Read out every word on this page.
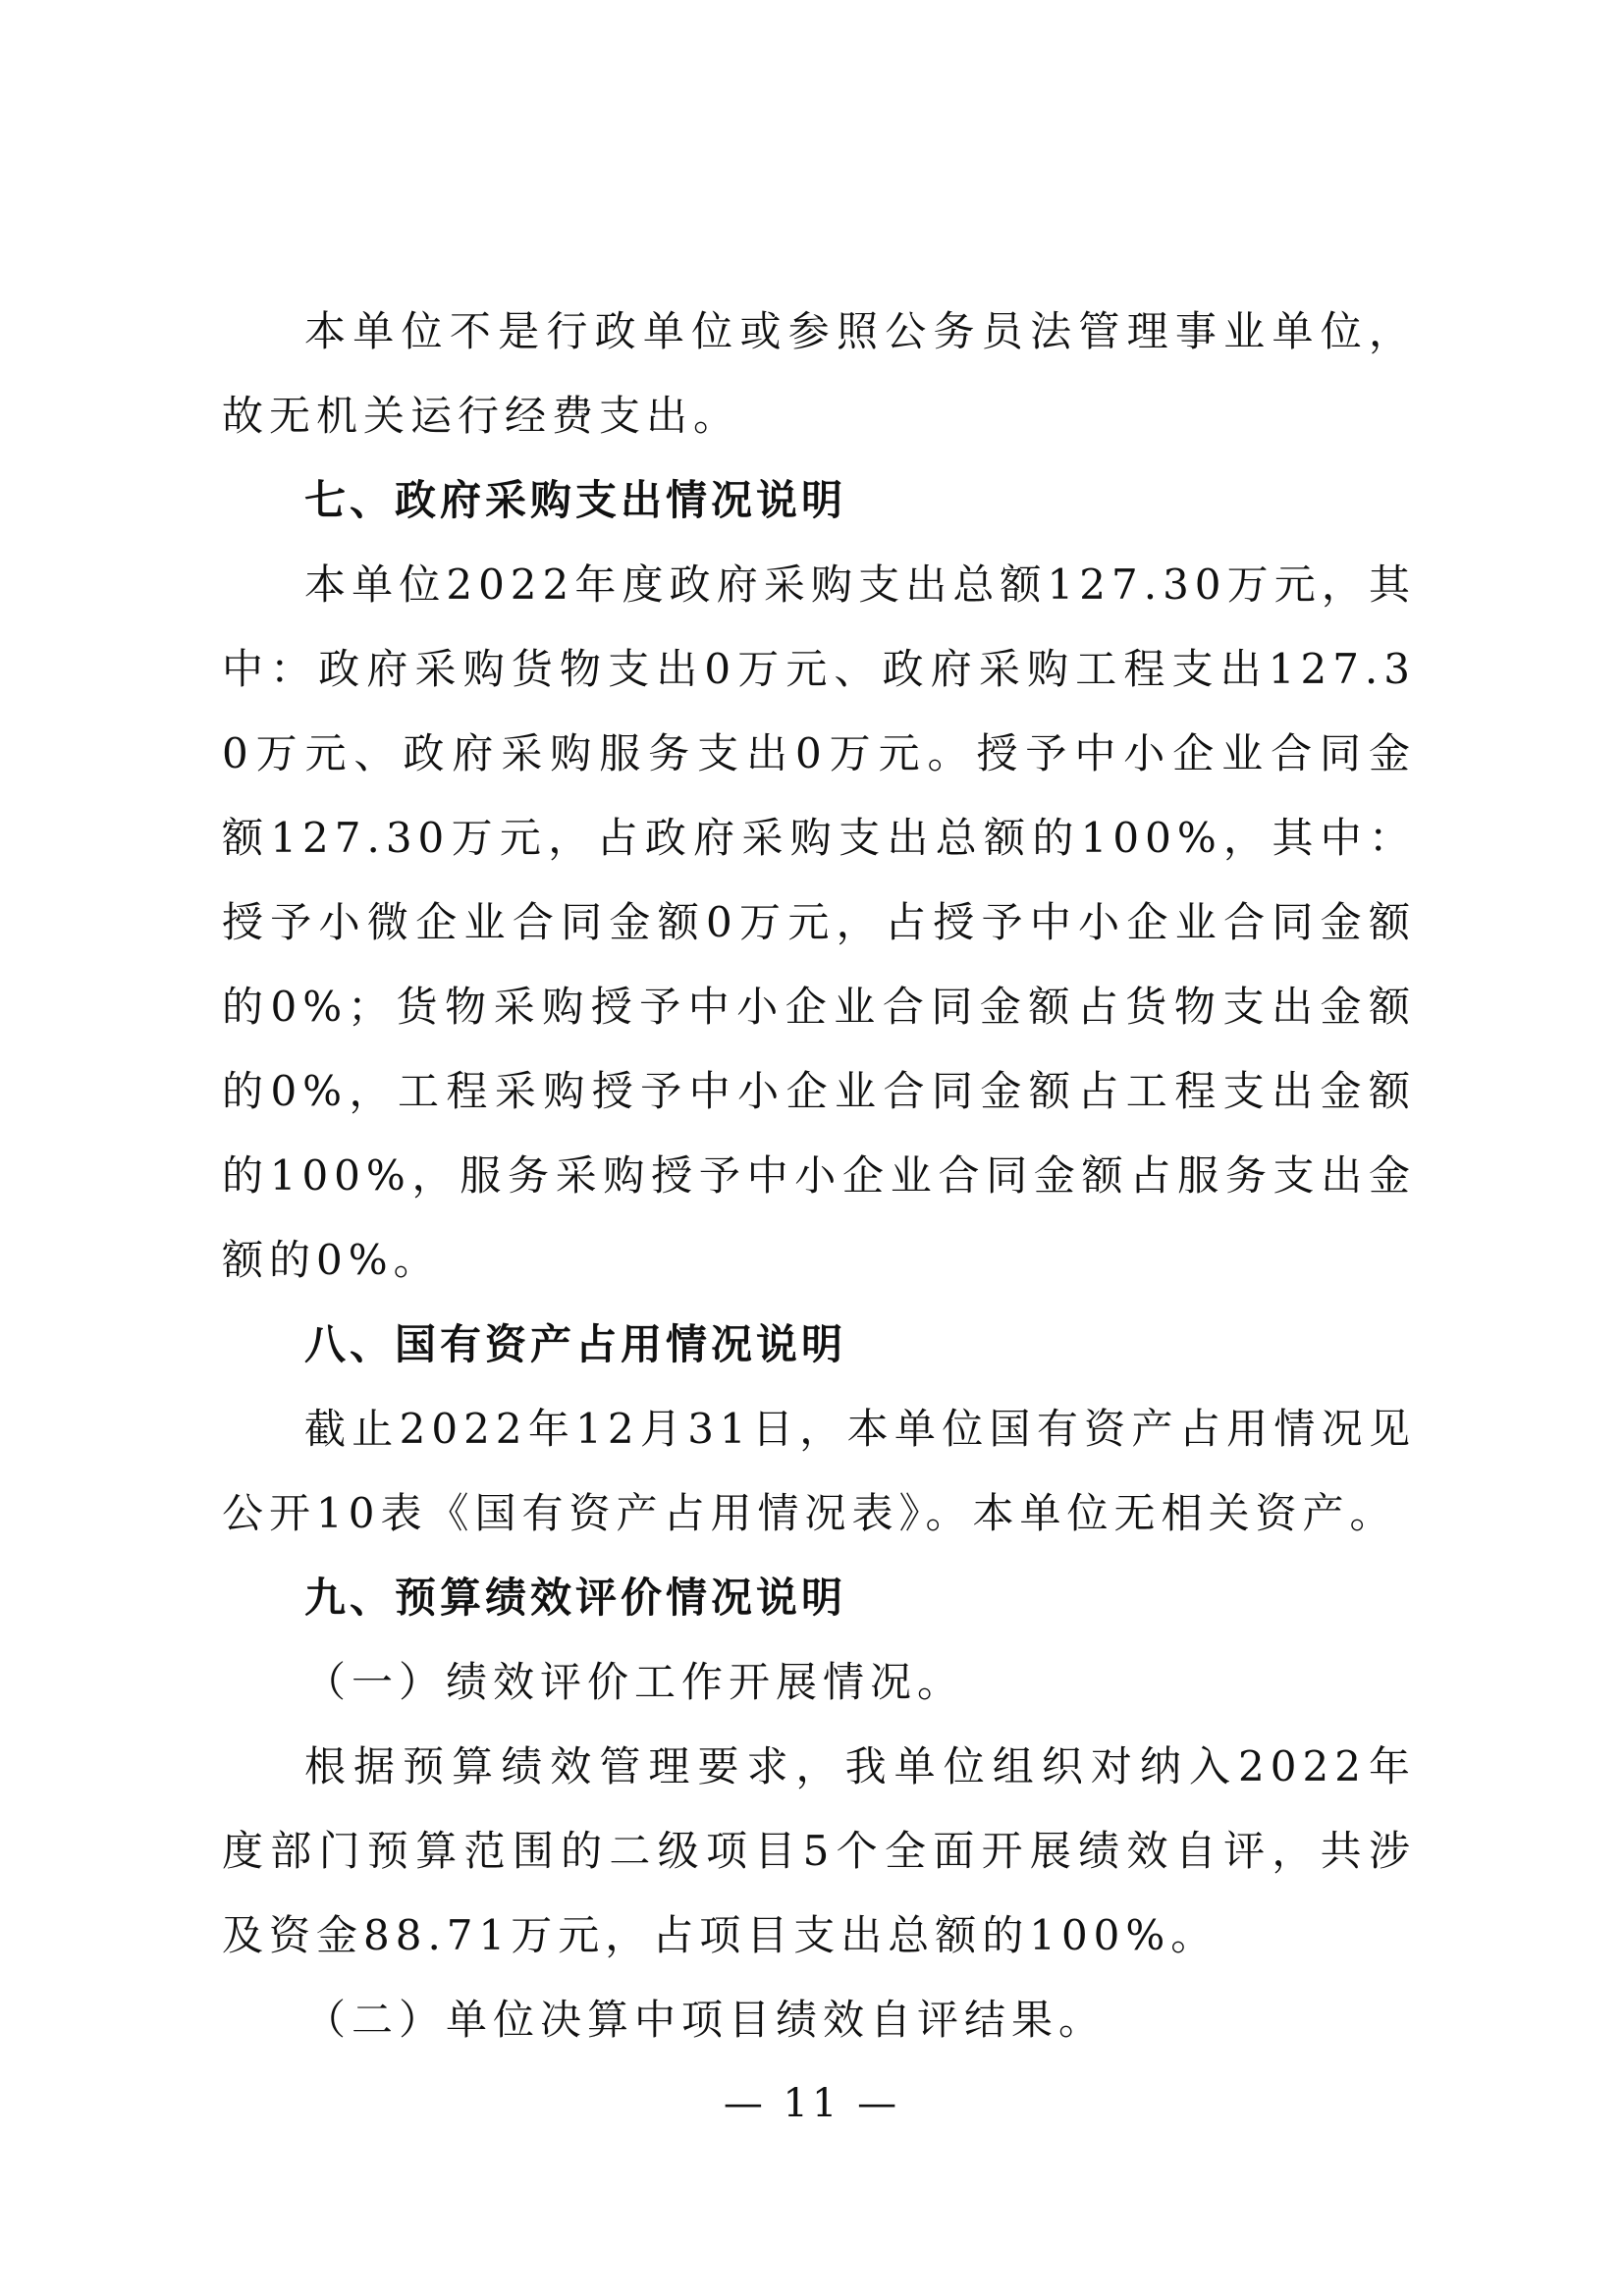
本单位不是行政单位或参照公务员法管理事业单位，故无机关运行经费支出。

七、政府采购支出情况说明

本单位2022年度政府采购支出总额127.30万元，其中：政府采购货物支出0万元、政府采购工程支出127.30万元、政府采购服务支出0万元。授予中小企业合同金额127.30万元，占政府采购支出总额的100%，其中：授予小微企业合同金额0万元，占授予中小企业合同金额的0%；货物采购授予中小企业合同金额占货物支出金额的0%，工程采购授予中小企业合同金额占工程支出金额的100%，服务采购授予中小企业合同金额占服务支出金额的0%。

八、国有资产占用情况说明

截止2022年12月31日，本单位国有资产占用情况见公开10表《国有资产占用情况表》。本单位无相关资产。

九、预算绩效评价情况说明

（一）绩效评价工作开展情况。

根据预算绩效管理要求，我单位组织对纳入2022年度部门预算范围的二级项目5个全面开展绩效自评，共涉及资金88.71万元，占项目支出总额的100%。

（二）单位决算中项目绩效自评结果。

— 11 —
